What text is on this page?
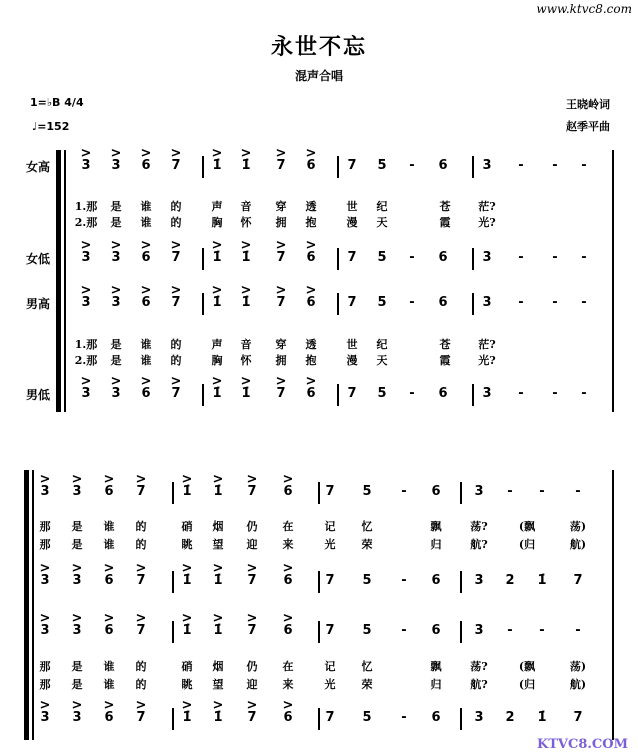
www.ktvc8.com
永世不忘
混声合唱
1=♭B 4/4
♩=152
王晓岭词
赵季平曲
女高
女低
男高
男低
3
>
3
>
6
>
7
>
1̇
>
1̇
>
7
>
6
>
7	5	-	6	3	-	-	-
3
>
3
>
6
>
7
>
1̇
>
1̇
>
7
>
6
>
7	5	-	6	3	-	-	-
3
>
3
>
6
>
7
>
1̇
>
1̇
>
7
>
6
>
7	5	-	6	3	-	-	-
3
>
3
>
6
>
7
>
1̇
>
1̇
>
7
>
6
>
7	5	-	6	3	-	-	-
1.那	是	谁	的	声	音	穿	透	世	纪	苍	茫?
2.那	是	谁	的	胸	怀	拥	抱	漫	天	霞	光?
1.那	是	谁	的	声	音	穿	透	世	纪	苍	茫?
2.那	是	谁	的	胸	怀	拥	抱	漫	天	霞	光?
3
>
3
>
6
>
7
>
1̇
>
1̇
>
7
>
6
>
7	5	-	6	3	-	-	-
3
>
3
>
6
>
7
>
1̇
>
1̇
>
7
>
6
>
7	5	-	6	3	2	1̇	7
3
>
3
>
6
>
7
>
1̇
>
1̇
>
7
>
6
>
7	5	-	6	3	-	-	-
3
>
3
>
6
>
7
>
1̇
>
1̇
>
7
>
6
>
7	5	-	6	3	2	1̇	7
那	是	谁	的	硝	烟	仍	在	记	忆	飘	荡?	(飘	荡)
那	是	谁	的	眺	望	迎	来	光	荣	归	航?	(归	航)
那	是	谁	的	硝	烟	仍	在	记	忆	飘	荡?	(飘	荡)
那	是	谁	的	眺	望	迎	来	光	荣	归	航?	(归	航)
KTVC8.COM
